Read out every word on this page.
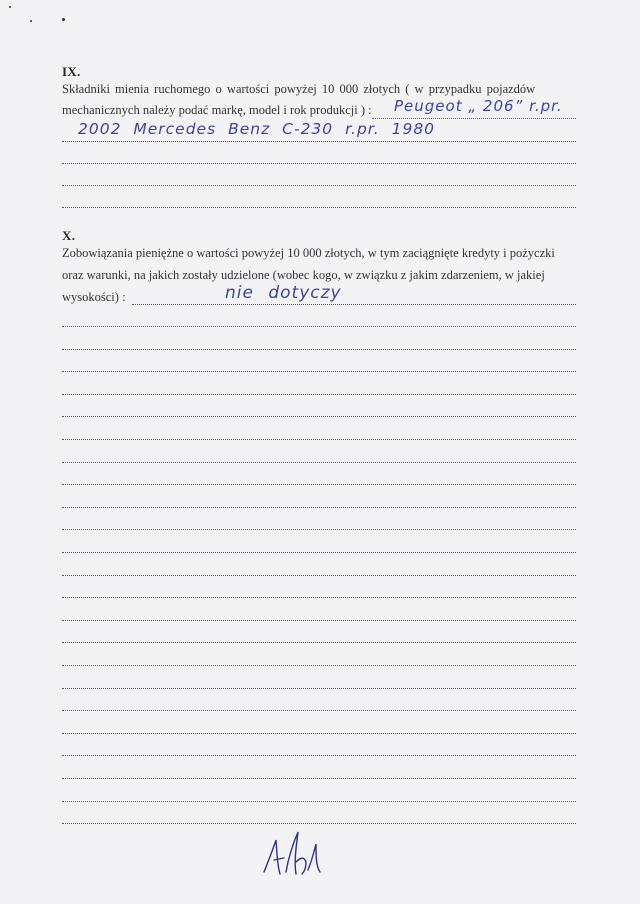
IX.
Składniki mienia ruchomego o wartości powyżej 10 000 złotych ( w przypadku pojazdów
mechanicznych należy podać markę, model i rok produkcji ) : Peugeot „ 206” r.pr.
2002 Mercedes Benz C-230 r.pr. 1980
X.
Zobowiązania pieniężne o wartości powyżej 10 000 złotych, w tym zaciągnięte kredyty i pożyczki
oraz warunki, na jakich zostały udzielone (wobec kogo, w związku z jakim zdarzeniem, w jakiej
wysokości) :	nie dotyczy
